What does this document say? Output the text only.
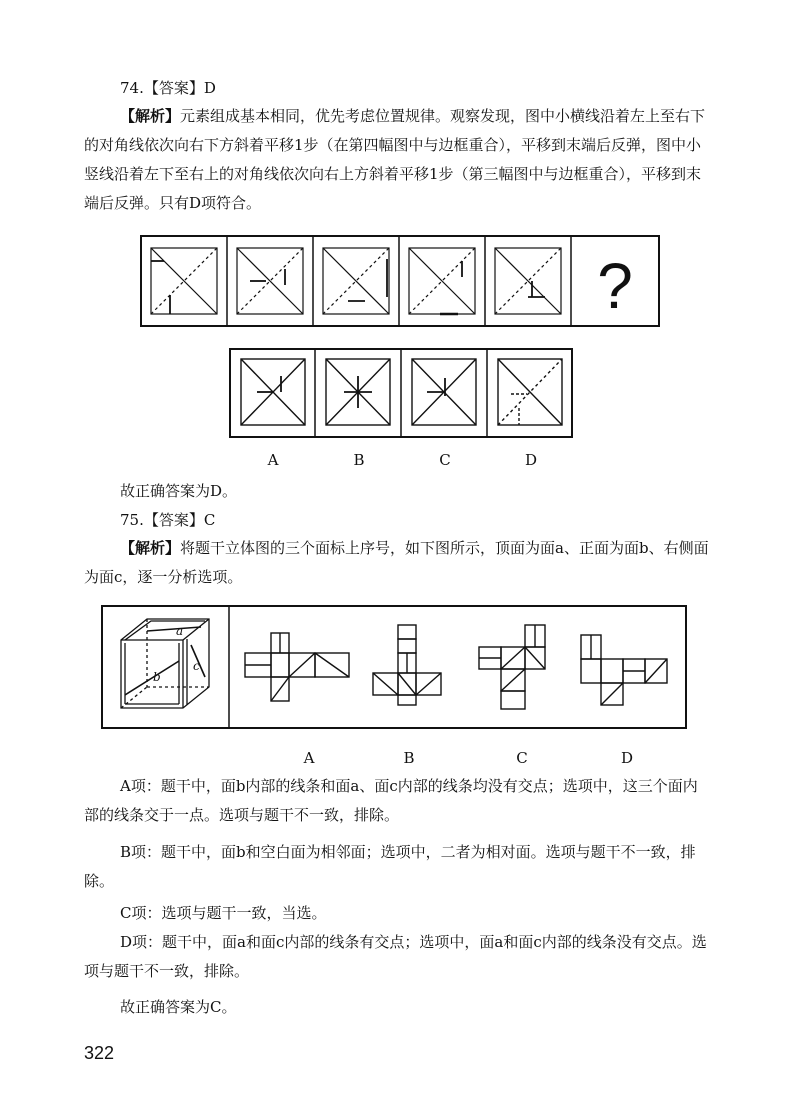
74.【答案】D
【解析】元素组成基本相同，优先考虑位置规律。观察发现，图中小横线沿着左上至右下的对角线依次向右下方斜着平移1步（在第四幅图中与边框重合），平移到末端后反弹，图中小竖线沿着左下至右上的对角线依次向右上方斜着平移1步（第三幅图中与边框重合），平移到末端后反弹。只有D项符合。
?
A	B	C	D
故正确答案为D。
75.【答案】C
【解析】将题干立体图的三个面标上序号，如下图所示，顶面为面a、正面为面b、右侧面为面c，逐一分析选项。
a
b
c
A	B	C	D
A项：题干中，面b内部的线条和面a、面c内部的线条均没有交点；选项中，这三个面内部的线条交于一点。选项与题干不一致，排除。
B项：题干中，面b和空白面为相邻面；选项中，二者为相对面。选项与题干不一致，排除。
C项：选项与题干一致，当选。
D项：题干中，面a和面c内部的线条有交点；选项中，面a和面c内部的线条没有交点。选项与题干不一致，排除。
故正确答案为C。
322
